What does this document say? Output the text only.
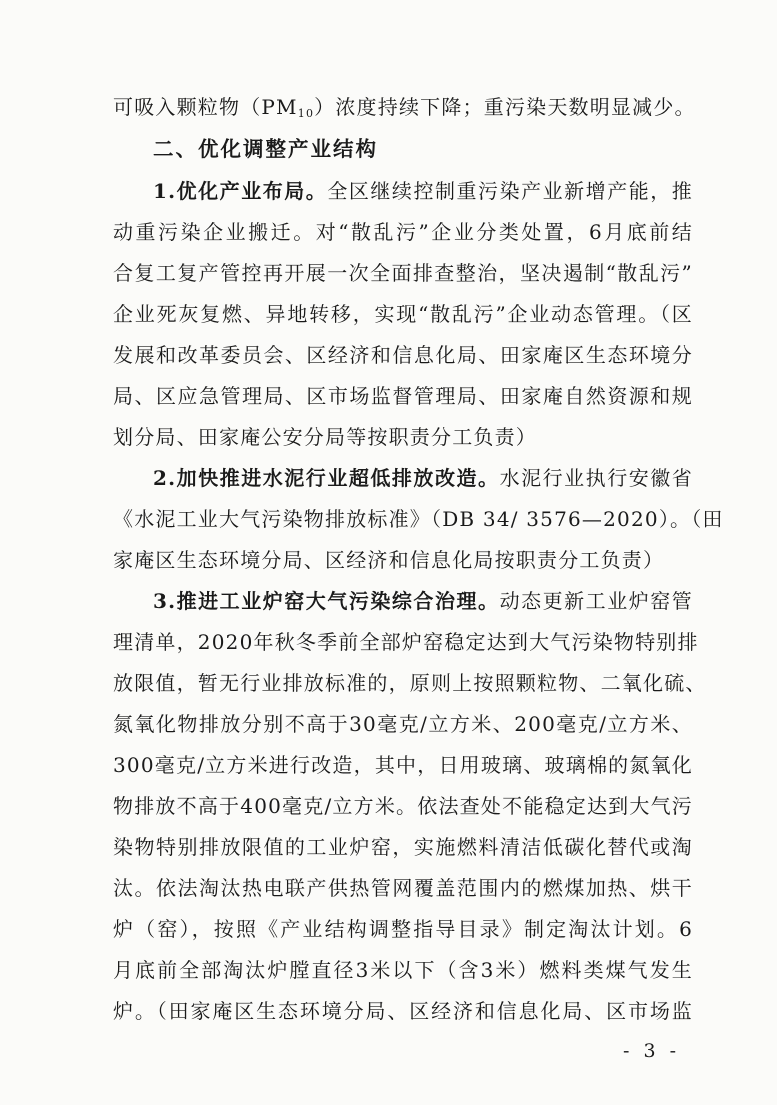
可吸入颗粒物$(PM_{10})$浓度持续下降；重污染天数明显减少。
二、优化调整产业结构
1.优化产业布局。全区继续控制重污染产业新增产能，推
动重污染企业搬迁。对“散乱污”企业分类处置，6月底前结
合复工复产管控再开展一次全面排查整治，坚决遏制“散乱污”
企业死灰复燃、异地转移，实现“散乱污”企业动态管理。（区
发展和改革委员会、区经济和信息化局、田家庵区生态环境分
局、区应急管理局、区市场监督管理局、田家庵自然资源和规
划分局、田家庵公安分局等按职责分工负责）
2.加快推进水泥行业超低排放改造。水泥行业执行安徽省
《水泥工业大气污染物排放标准》（DB 34/ 3576—2020）。（田
家庵区生态环境分局、区经济和信息化局按职责分工负责）
3.推进工业炉窑大气污染综合治理。动态更新工业炉窑管
理清单，2020年秋冬季前全部炉窑稳定达到大气污染物特别排
放限值，暂无行业排放标准的，原则上按照颗粒物、二氧化硫、
氮氧化物排放分别不高于30毫克/立方米、200毫克/立方米、
300毫克/立方米进行改造，其中，日用玻璃、玻璃棉的氮氧化
物排放不高于400毫克/立方米。依法查处不能稳定达到大气污
染物特别排放限值的工业炉窑，实施燃料清洁低碳化替代或淘
汰。依法淘汰热电联产供热管网覆盖范围内的燃煤加热、烘干
炉（窑），按照《产业结构调整指导目录》制定淘汰计划。6
月底前全部淘汰炉膛直径3米以下（含3米）燃料类煤气发生
炉。（田家庵区生态环境分局、区经济和信息化局、区市场监
- 3 -
